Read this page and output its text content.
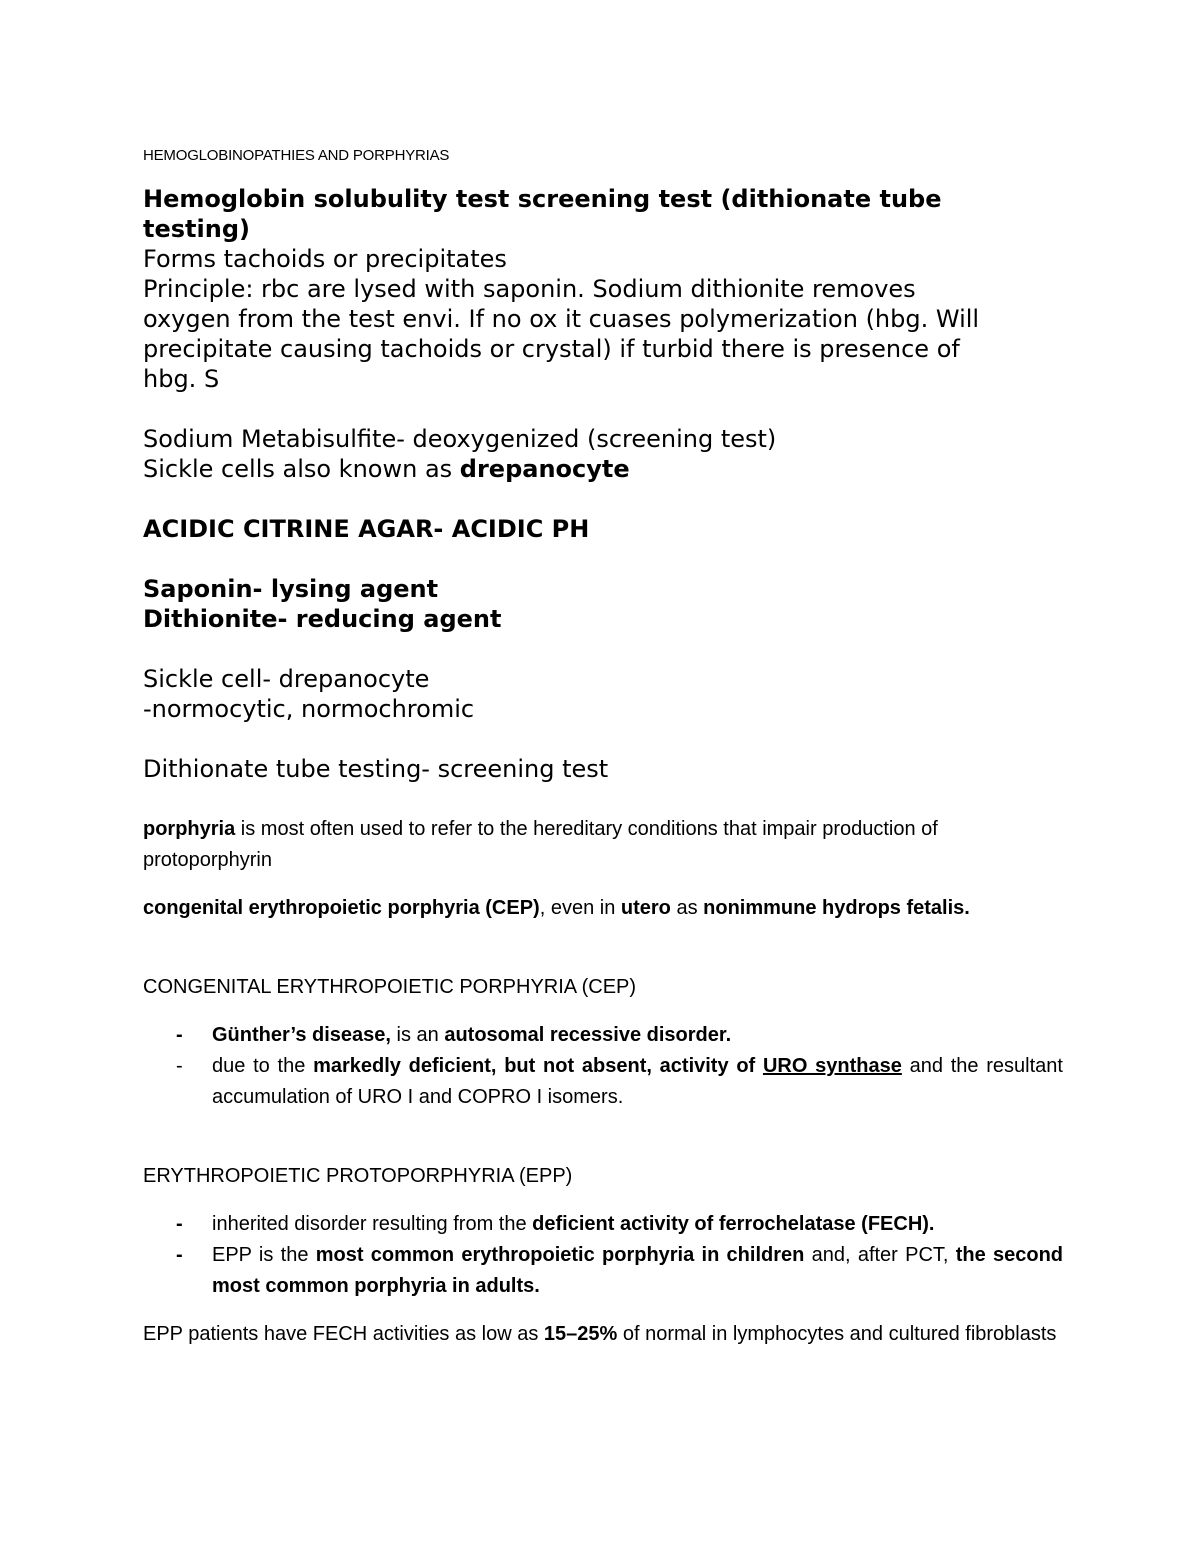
HEMOGLOBINOPATHIES AND PORPHYRIAS

Hemoglobin solubulity test screening test (dithionate tube
testing)

Forms tachoids or precipitates

Principle: rbc are lysed with saponin. Sodium dithionite removes

oxygen from the test envi. If no ox it cuases polymerization (hbg. Will

precipitate causing tachoids or crystal) if turbid there is presence of

hbg. S

Sodium Metabisulfite- deoxygenized (screening test)

Sickle cells also known as drepanocyte

ACIDIC CITRINE AGAR- ACIDIC PH

Saponin- lysing agent

Dithionite- reducing agent

Sickle cell- drepanocyte

-normocytic, normochromic

Dithionate tube testing- screening test

porphyria is most often used to refer to the hereditary conditions that impair production of protoporphyrin

congenital erythropoietic porphyria (CEP), even in utero as nonimmune hydrops fetalis.

CONGENITAL ERYTHROPOIETIC PORPHYRIA (CEP)

- Günther’s disease, is an autosomal recessive disorder.
- due to the markedly deficient, but not absent, activity of URO synthase and the resultant accumulation of URO I and COPRO I isomers.

ERYTHROPOIETIC PROTOPORPHYRIA (EPP)

- inherited disorder resulting from the deficient activity of ferrochelatase (FECH).
- EPP is the most common erythropoietic porphyria in children and, after PCT, the second most common porphyria in adults.

EPP patients have FECH activities as low as 15–25% of normal in lymphocytes and cultured fibroblasts
